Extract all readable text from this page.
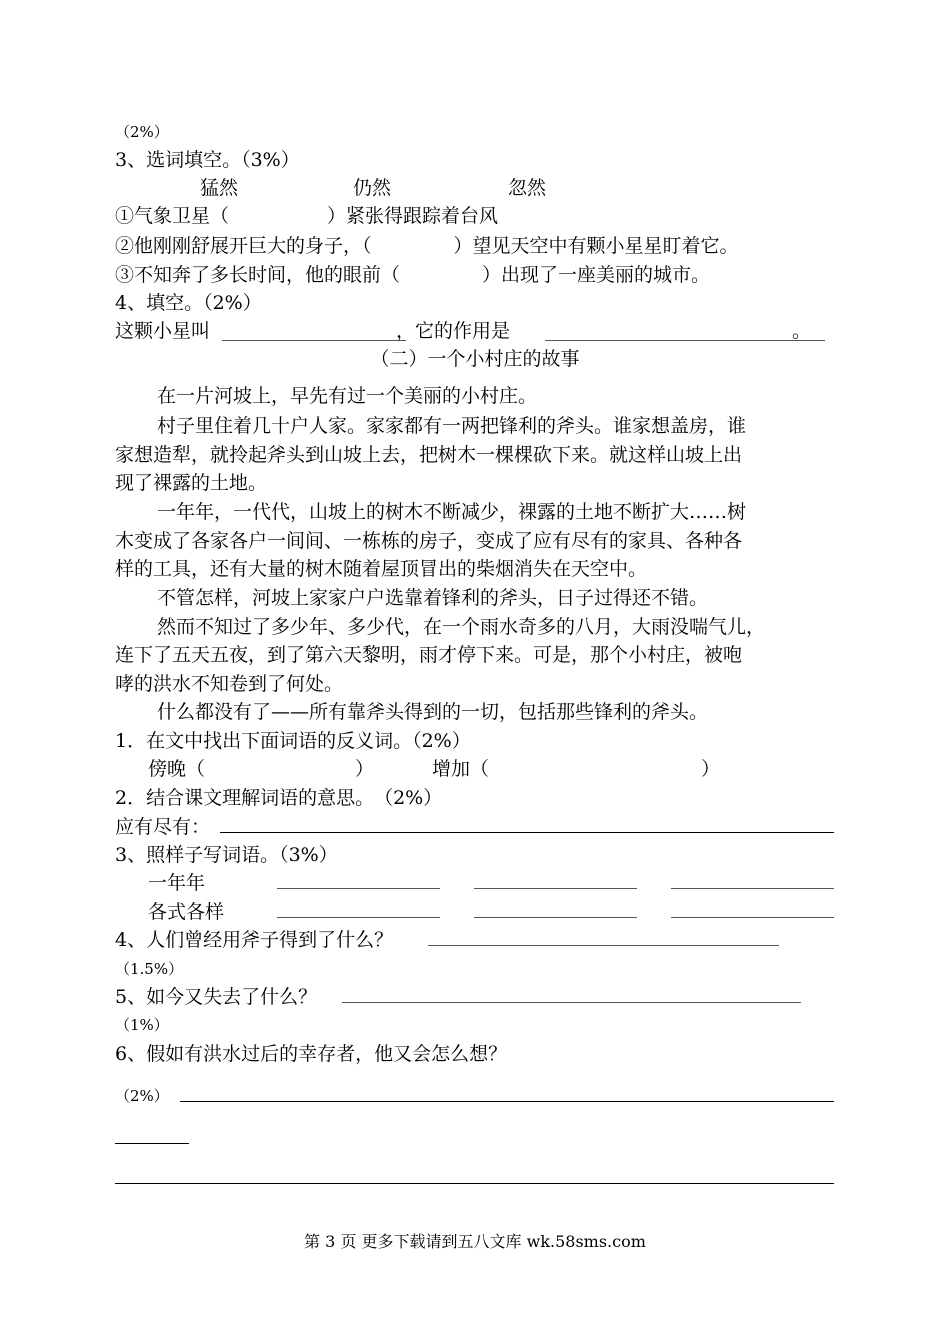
（2%）
3、选词填空。（3%）
猛然	仍然	忽然
①气象卫星（	）紧张得跟踪着台风
②他刚刚舒展开巨大的身子，（	）望见天空中有颗小星星盯着它。
③不知奔了多长时间，他的眼前（	）出现了一座美丽的城市。
4、填空。（2%）
这颗小星叫	，它的作用是	。
（二）一个小村庄的故事
在一片河坡上，早先有过一个美丽的小村庄。
村子里住着几十户人家。家家都有一两把锋利的斧头。谁家想盖房，谁
家想造犁，就拎起斧头到山坡上去，把树木一棵棵砍下来。就这样山坡上出
现了裸露的土地。
一年年，一代代，山坡上的树木不断减少，裸露的土地不断扩大……树
木变成了各家各户一间间、一栋栋的房子，变成了应有尽有的家具、各种各
样的工具，还有大量的树木随着屋顶冒出的柴烟消失在天空中。
不管怎样，河坡上家家户户选靠着锋利的斧头，日子过得还不错。
然而不知过了多少年、多少代，在一个雨水奇多的八月，大雨没喘气儿，
连下了五天五夜，到了第六天黎明，雨才停下来。可是，那个小村庄，被咆
哮的洪水不知卷到了何处。
什么都没有了——所有靠斧头得到的一切，包括那些锋利的斧头。
1．在文中找出下面词语的反义词。（2%）
傍晚（	）	增加（	）
2．结合课文理解词语的意思。　（2%）
应有尽有：
3、照样子写词语。（3%）
一年年
各式各样
4、人们曾经用斧子得到了什么？
（1.5%）
5、如今又失去了什么？
（1%）
6、假如有洪水过后的幸存者，他又会怎么想？
（2%）
第 3 页 更多下载请到五八文库 wk.58sms.com
